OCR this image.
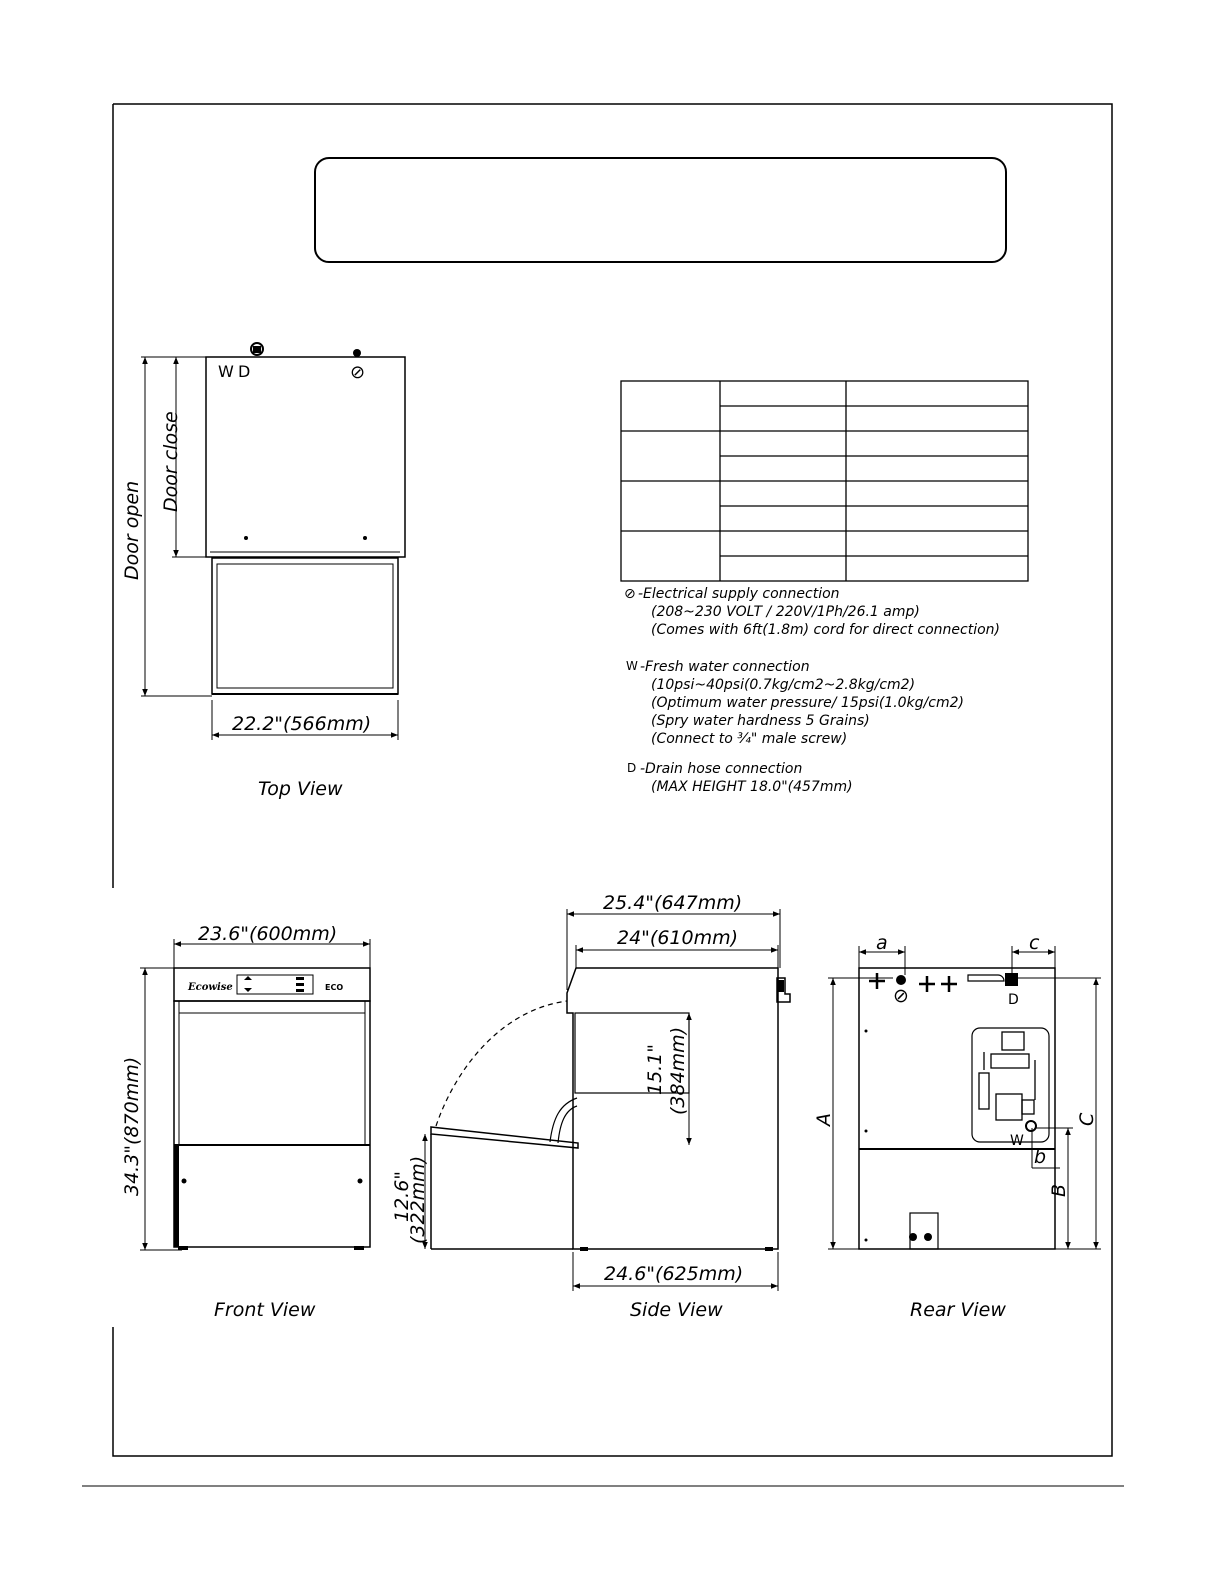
W D	⊘
Door close
Door open
22.2"(566mm)
Top View
⊘ -Electrical supply connection
(208~230 VOLT / 220V/1Ph/26.1 amp)
(Comes with 6ft(1.8m) cord for direct connection)
W -Fresh water connection
(10psi~40psi(0.7kg/cm2~2.8kg/cm2)
(Optimum water pressure/ 15psi(1.0kg/cm2)
(Spry water hardness 5 Grains)
(Connect to ¾" male screw)
D -Drain hose connection
(MAX HEIGHT 18.0"(457mm)
Ecowise	ECO
23.6"(600mm)
34.3"(870mm)
Front View
25.4"(647mm)
24"(610mm)
24.6"(625mm)
15.1" (384mm)
12.6"
(322mm)
Side View
a	c
⊘	D
W
b
A
B
C
Rear View
